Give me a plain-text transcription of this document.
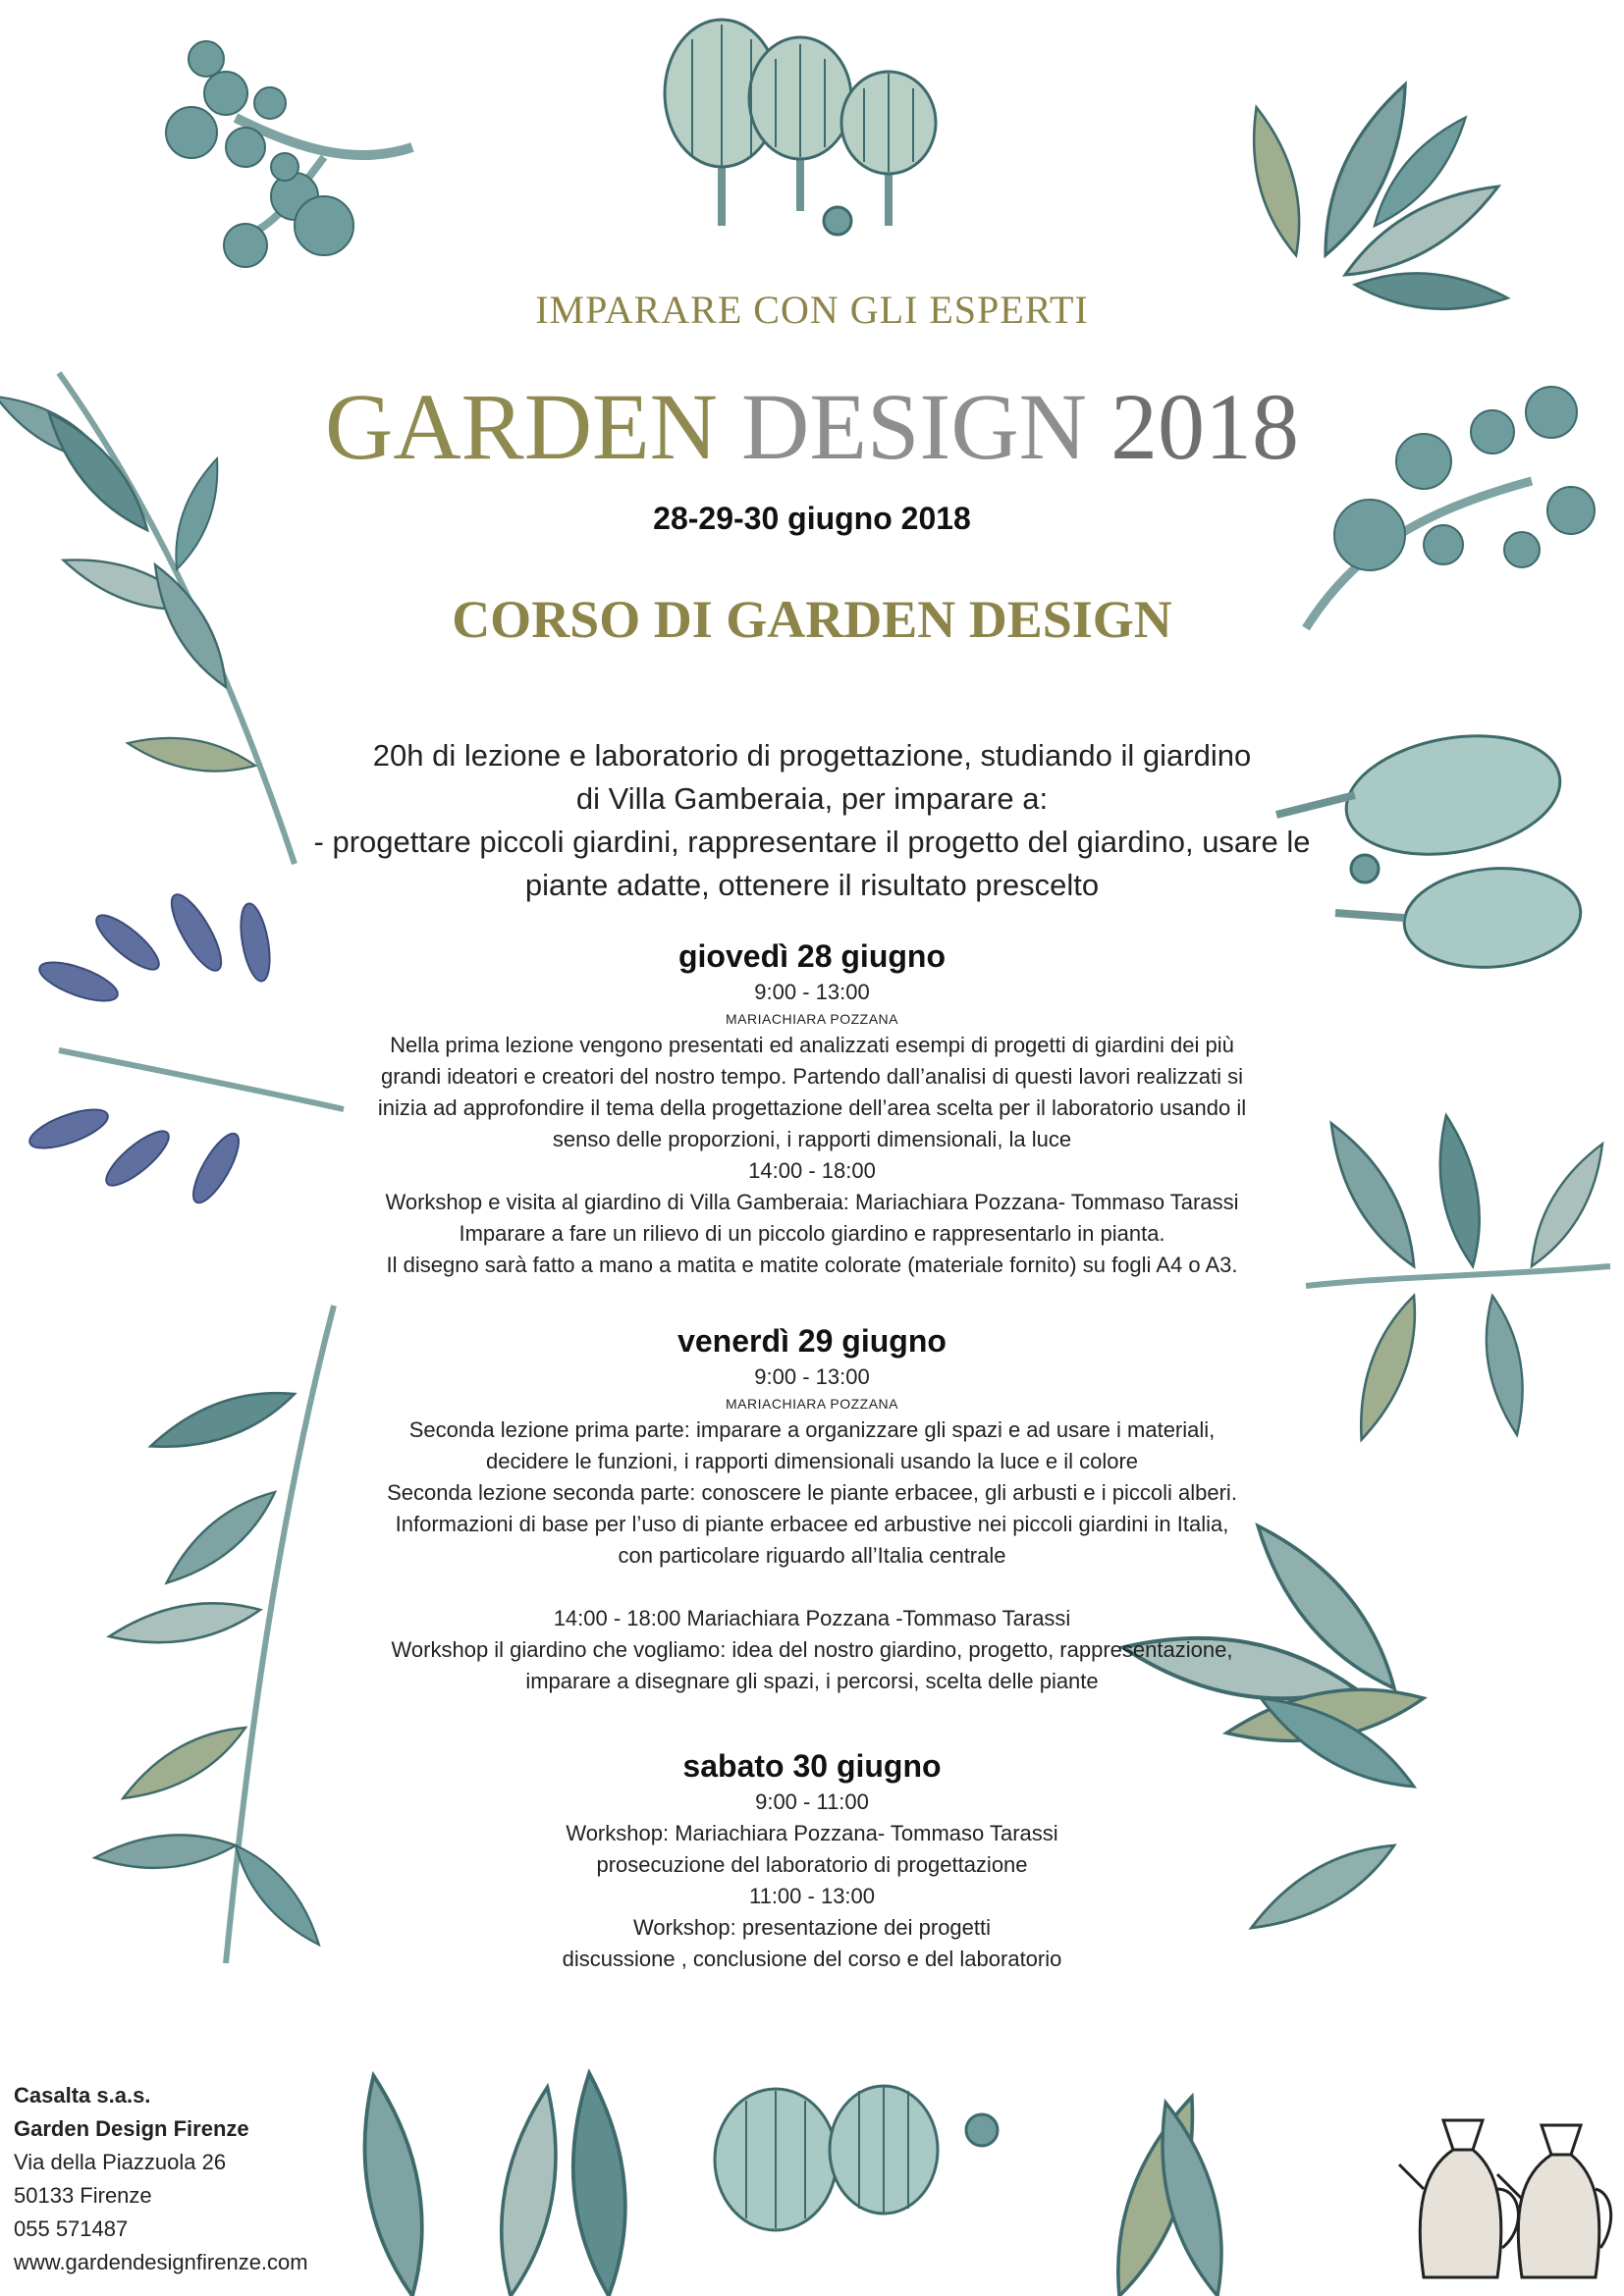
IMPARARE CON GLI ESPERTI
GARDEN DESIGN 2018
28-29-30 giugno 2018
CORSO DI GARDEN DESIGN
20h di lezione e laboratorio di progettazione, studiando il giardino
di Villa Gamberaia, per imparare a:
- progettare piccoli giardini, rappresentare il progetto del giardino, usare le
piante adatte, ottenere il risultato prescelto
giovedì 28 giugno
9:00 - 13:00
MARIACHIARA POZZANA
Nella prima lezione vengono presentati ed analizzati esempi di progetti di giardini dei più
grandi ideatori e creatori del nostro tempo. Partendo dall’analisi di questi lavori realizzati si
inizia ad approfondire il tema della progettazione dell’area scelta per il laboratorio usando il
senso delle proporzioni, i rapporti dimensionali, la luce
14:00 - 18:00
Workshop e visita al giardino di Villa Gamberaia: Mariachiara Pozzana- Tommaso Tarassi
Imparare a fare un rilievo di un piccolo giardino e rappresentarlo in pianta.
Il disegno sarà fatto a mano a matita e matite colorate (materiale fornito) su fogli A4 o A3.
venerdì 29 giugno
9:00 - 13:00
MARIACHIARA POZZANA
Seconda lezione prima parte: imparare a organizzare gli spazi e ad usare i materiali,
decidere le funzioni, i rapporti dimensionali usando la luce e il colore
Seconda lezione seconda parte: conoscere le piante erbacee, gli arbusti e i piccoli alberi.
Informazioni di base per l’uso di piante erbacee ed arbustive nei piccoli giardini in Italia,
con particolare riguardo all’Italia centrale
14:00 - 18:00 Mariachiara Pozzana -Tommaso Tarassi
Workshop il giardino che vogliamo: idea del nostro giardino, progetto, rappresentazione,
imparare a disegnare gli spazi, i percorsi, scelta delle piante
sabato 30 giugno
9:00 - 11:00
Workshop: Mariachiara Pozzana- Tommaso Tarassi
prosecuzione del laboratorio di progettazione
11:00 - 13:00
Workshop: presentazione dei progetti
discussione , conclusione del corso e del laboratorio
Casalta s.a.s.
Garden Design Firenze
Via della Piazzuola 26
50133 Firenze
055 571487
www.gardendesignfirenze.com
